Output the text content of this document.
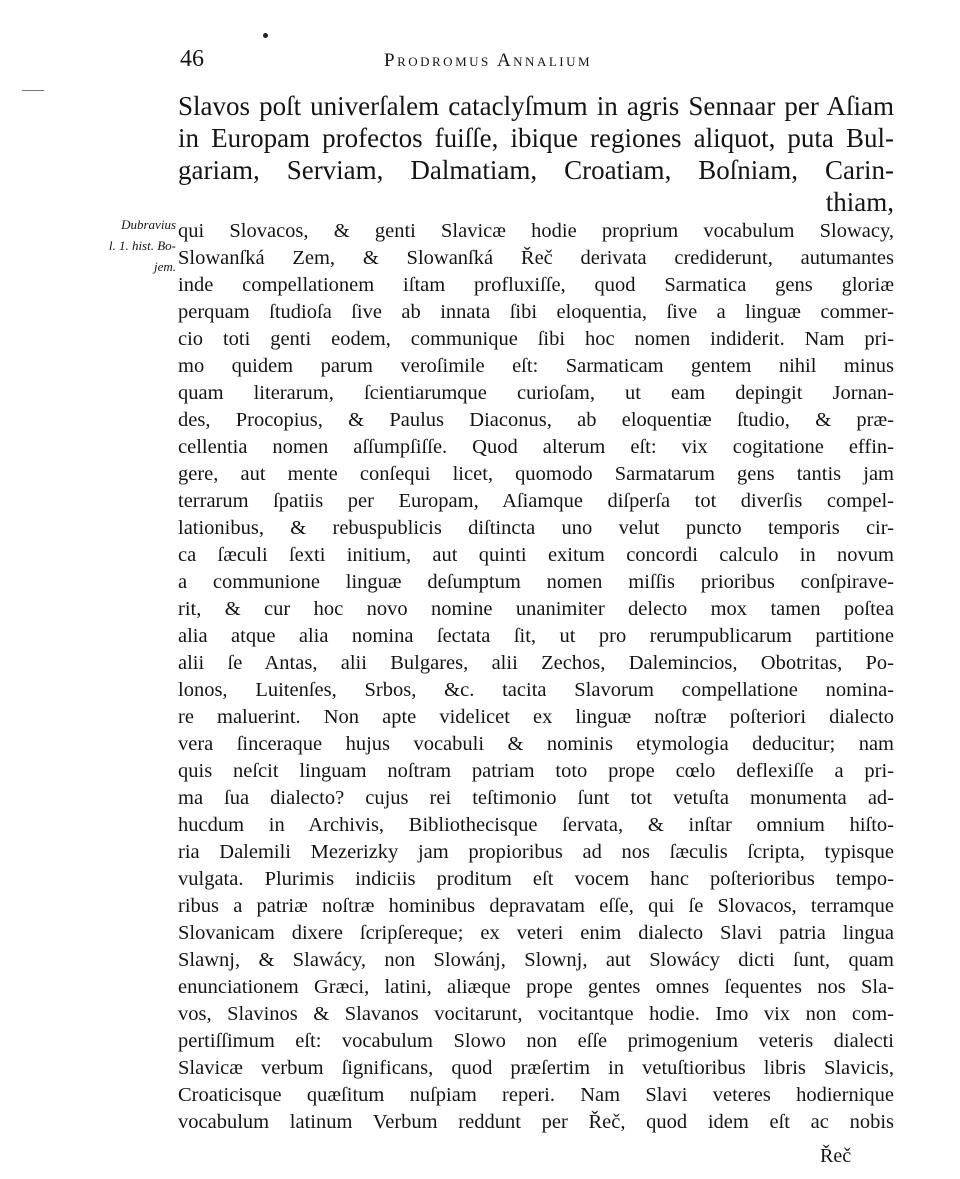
46	Prodromus Annalium
Dubravius
l. 1. hist. Bo-
jem.
Slavos poſt univerſalem cataclyſmum in agris Sennaar per Aſiam
in Europam profectos fuiſſe, ibique regiones aliquot, puta Bul-
gariam, Serviam, Dalmatiam, Croatiam, Boſniam, Carin-
thiam,
qui Slovacos, & genti Slavicæ hodie proprium vocabulum Slowacy,
Slowanſká Zem, & Slowanſká Řeč derivata crediderunt, autumantes
inde compellationem iſtam profluxiſſe, quod Sarmatica gens gloriæ
perquam ſtudioſa ſive ab innata ſibi eloquentia, ſive a linguæ commer-
cio toti genti eodem, communique ſibi hoc nomen indiderit. Nam pri-
mo quidem parum veroſimile eſt: Sarmaticam gentem nihil minus
quam literarum, ſcientiarumque curioſam, ut eam depingit Jornan-
des, Procopius, & Paulus Diaconus, ab eloquentiæ ſtudio, & præ-
cellentia nomen aſſumpſiſſe. Quod alterum eſt: vix cogitatione effin-
gere, aut mente conſequi licet, quomodo Sarmatarum gens tantis jam
terrarum ſpatiis per Europam, Aſiamque diſperſa tot diverſis compel-
lationibus, & rebuspublicis diſtincta uno velut puncto temporis cir-
ca ſæculi ſexti initium, aut quinti exitum concordi calculo in novum
a communione linguæ deſumptum nomen miſſis prioribus conſpirave-
rit, & cur hoc novo nomine unanimiter delecto mox tamen poſtea
alia atque alia nomina ſectata ſit, ut pro rerumpublicarum partitione
alii ſe Antas, alii Bulgares, alii Zechos, Dalemincios, Obotritas, Po-
lonos, Luitenſes, Srbos, &c. tacita Slavorum compellatione nomina-
re maluerint. Non apte videlicet ex linguæ noſtræ poſteriori dialecto
vera ſinceraque hujus vocabuli & nominis etymologia deducitur; nam
quis neſcit linguam noſtram patriam toto prope cœlo deflexiſſe a pri-
ma ſua dialecto? cujus rei teſtimonio ſunt tot vetuſta monumenta ad-
hucdum in Archivis, Bibliothecisque ſervata, & inſtar omnium hiſto-
ria Dalemili Mezerizky jam propioribus ad nos ſæculis ſcripta, typisque
vulgata. Plurimis indiciis proditum eſt vocem hanc poſterioribus tempo-
ribus a patriæ noſtræ hominibus depravatam eſſe, qui ſe Slovacos, terramque
Slovanicam dixere ſcripſereque; ex veteri enim dialecto Slavi patria lingua
Slawnj, & Slawácy, non Slowánj, Slownj, aut Slowácy dicti ſunt, quam
enunciationem Græci, latini, aliæque prope gentes omnes ſequentes nos Sla-
vos, Slavinos & Slavanos vocitarunt, vocitantque hodie. Imo vix non com-
pertiſſimum eſt: vocabulum Slowo non eſſe primogenium veteris dialecti
Slavicæ verbum ſignificans, quod præſertim in vetuſtioribus libris Slavicis,
Croaticisque quæſitum nuſpiam reperi. Nam Slavi veteres hodiernique
vocabulum latinum Verbum reddunt per Řeč, quod idem eſt ac nobis
Řeč
